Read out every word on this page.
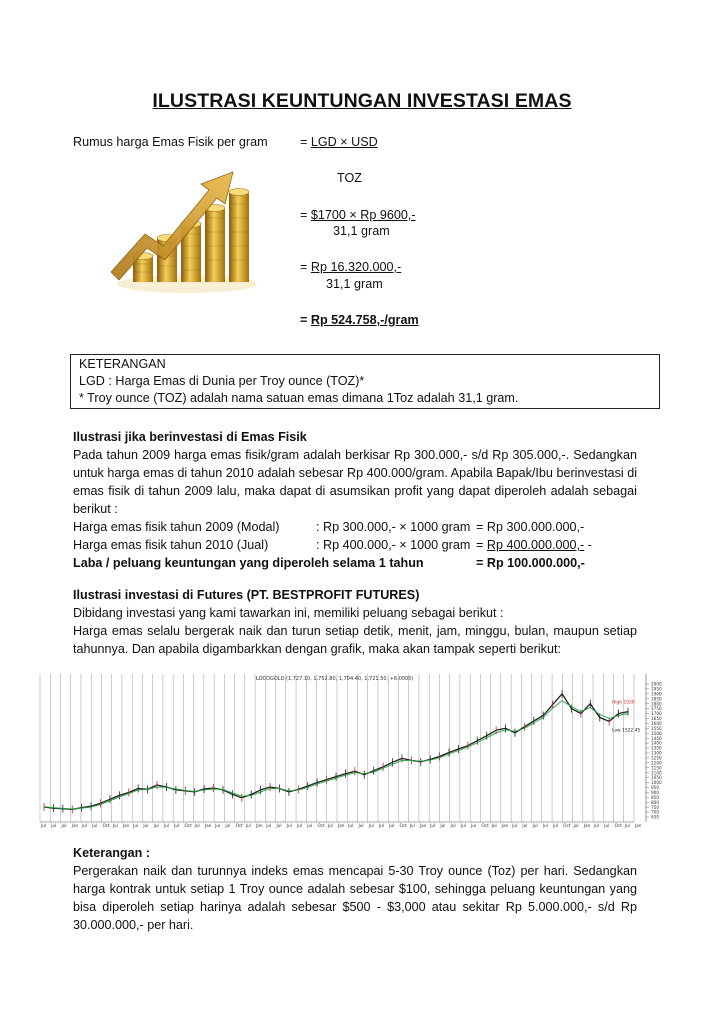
ILUSTRASI KEUNTUNGAN INVESTASI EMAS
Rumus harga Emas Fisik per gram	= LGD × USD
TOZ
= $1700 × Rp 9600,-
31,1 gram
= Rp 16.320.000,-
31,1 gram
= Rp 524.758,-/gram
KETERANGAN
LGD : Harga Emas di Dunia per Troy ounce (TOZ)*
* Troy ounce (TOZ) adalah nama satuan emas dimana 1Toz adalah 31,1 gram.
Ilustrasi jika berinvestasi di Emas Fisik
Pada tahun 2009 harga emas fisik/gram adalah berkisar Rp 300.000,- s/d Rp 305.000,-. Sedangkan untuk harga emas di tahun 2010 adalah sebesar Rp 400.000/gram. Apabila Bapak/Ibu berinvestasi di emas fisik di tahun 2009 lalu, maka dapat di asumsikan profit yang dapat diperoleh adalah sebagai berikut :
Harga emas fisik tahun 2009 (Modal)	: Rp 300.000,- × 1000 gram = Rp 300.000.000,-
Harga emas fisik tahun 2010 (Jual)	: Rp 400.000,- × 1000 gram = Rp 400.000.000,- -
Laba / peluang keuntungan yang diperoleh selama 1 tahun	= Rp 100.000.000,-
Ilustrasi investasi di Futures (PT. BESTPROFIT FUTURES)
Dibidang investasi yang kami tawarkan ini, memiliki peluang sebagai berikut :
Harga emas selalu bergerak naik dan turun setiap detik, menit, jam, minggu, bulan, maupun setiap tahunnya. Dan apabila digambarkkan dengan grafik, maka akan tampak seperti berikut:
LOCOGOLD (1,727.10, 1,752.80, 1,704.40, 1,721.50, +6.0000)
2000
1950
1900
1850
1800
1750
1700
1650
1600
1550
1500
1450
1400
1350
1300
1250
1200
1150
1100
1050
1000
950
900
850
800
750
700
650
Jul Jul Jul Jan Jul Jul Oct Jul Jan Jul Jul Jul Jul Jul Oct Jul Jan Jul Jul Oct Jul Jan Jul Jul Jul Jul Jul Oct Jul Jan Jul Jul Jul Jul Jul Oct Jul Jan Jul Jul Jul Jul Jul Oct Jul Jan Jul Jul Jul Jul Jul Oct Jul Jan Jul Jul Oct Jul Jan
High 1920
Low 1522.45
Keterangan :
Pergerakan naik dan turunnya indeks emas mencapai 5-30 Troy ounce (Toz) per hari. Sedangkan harga kontrak untuk setiap 1 Troy ounce adalah sebesar $100, sehingga peluang keuntungan yang bisa diperoleh setiap harinya adalah sebesar $500 - $3,000 atau sekitar Rp 5.000.000,- s/d Rp 30.000.000,- per hari.
